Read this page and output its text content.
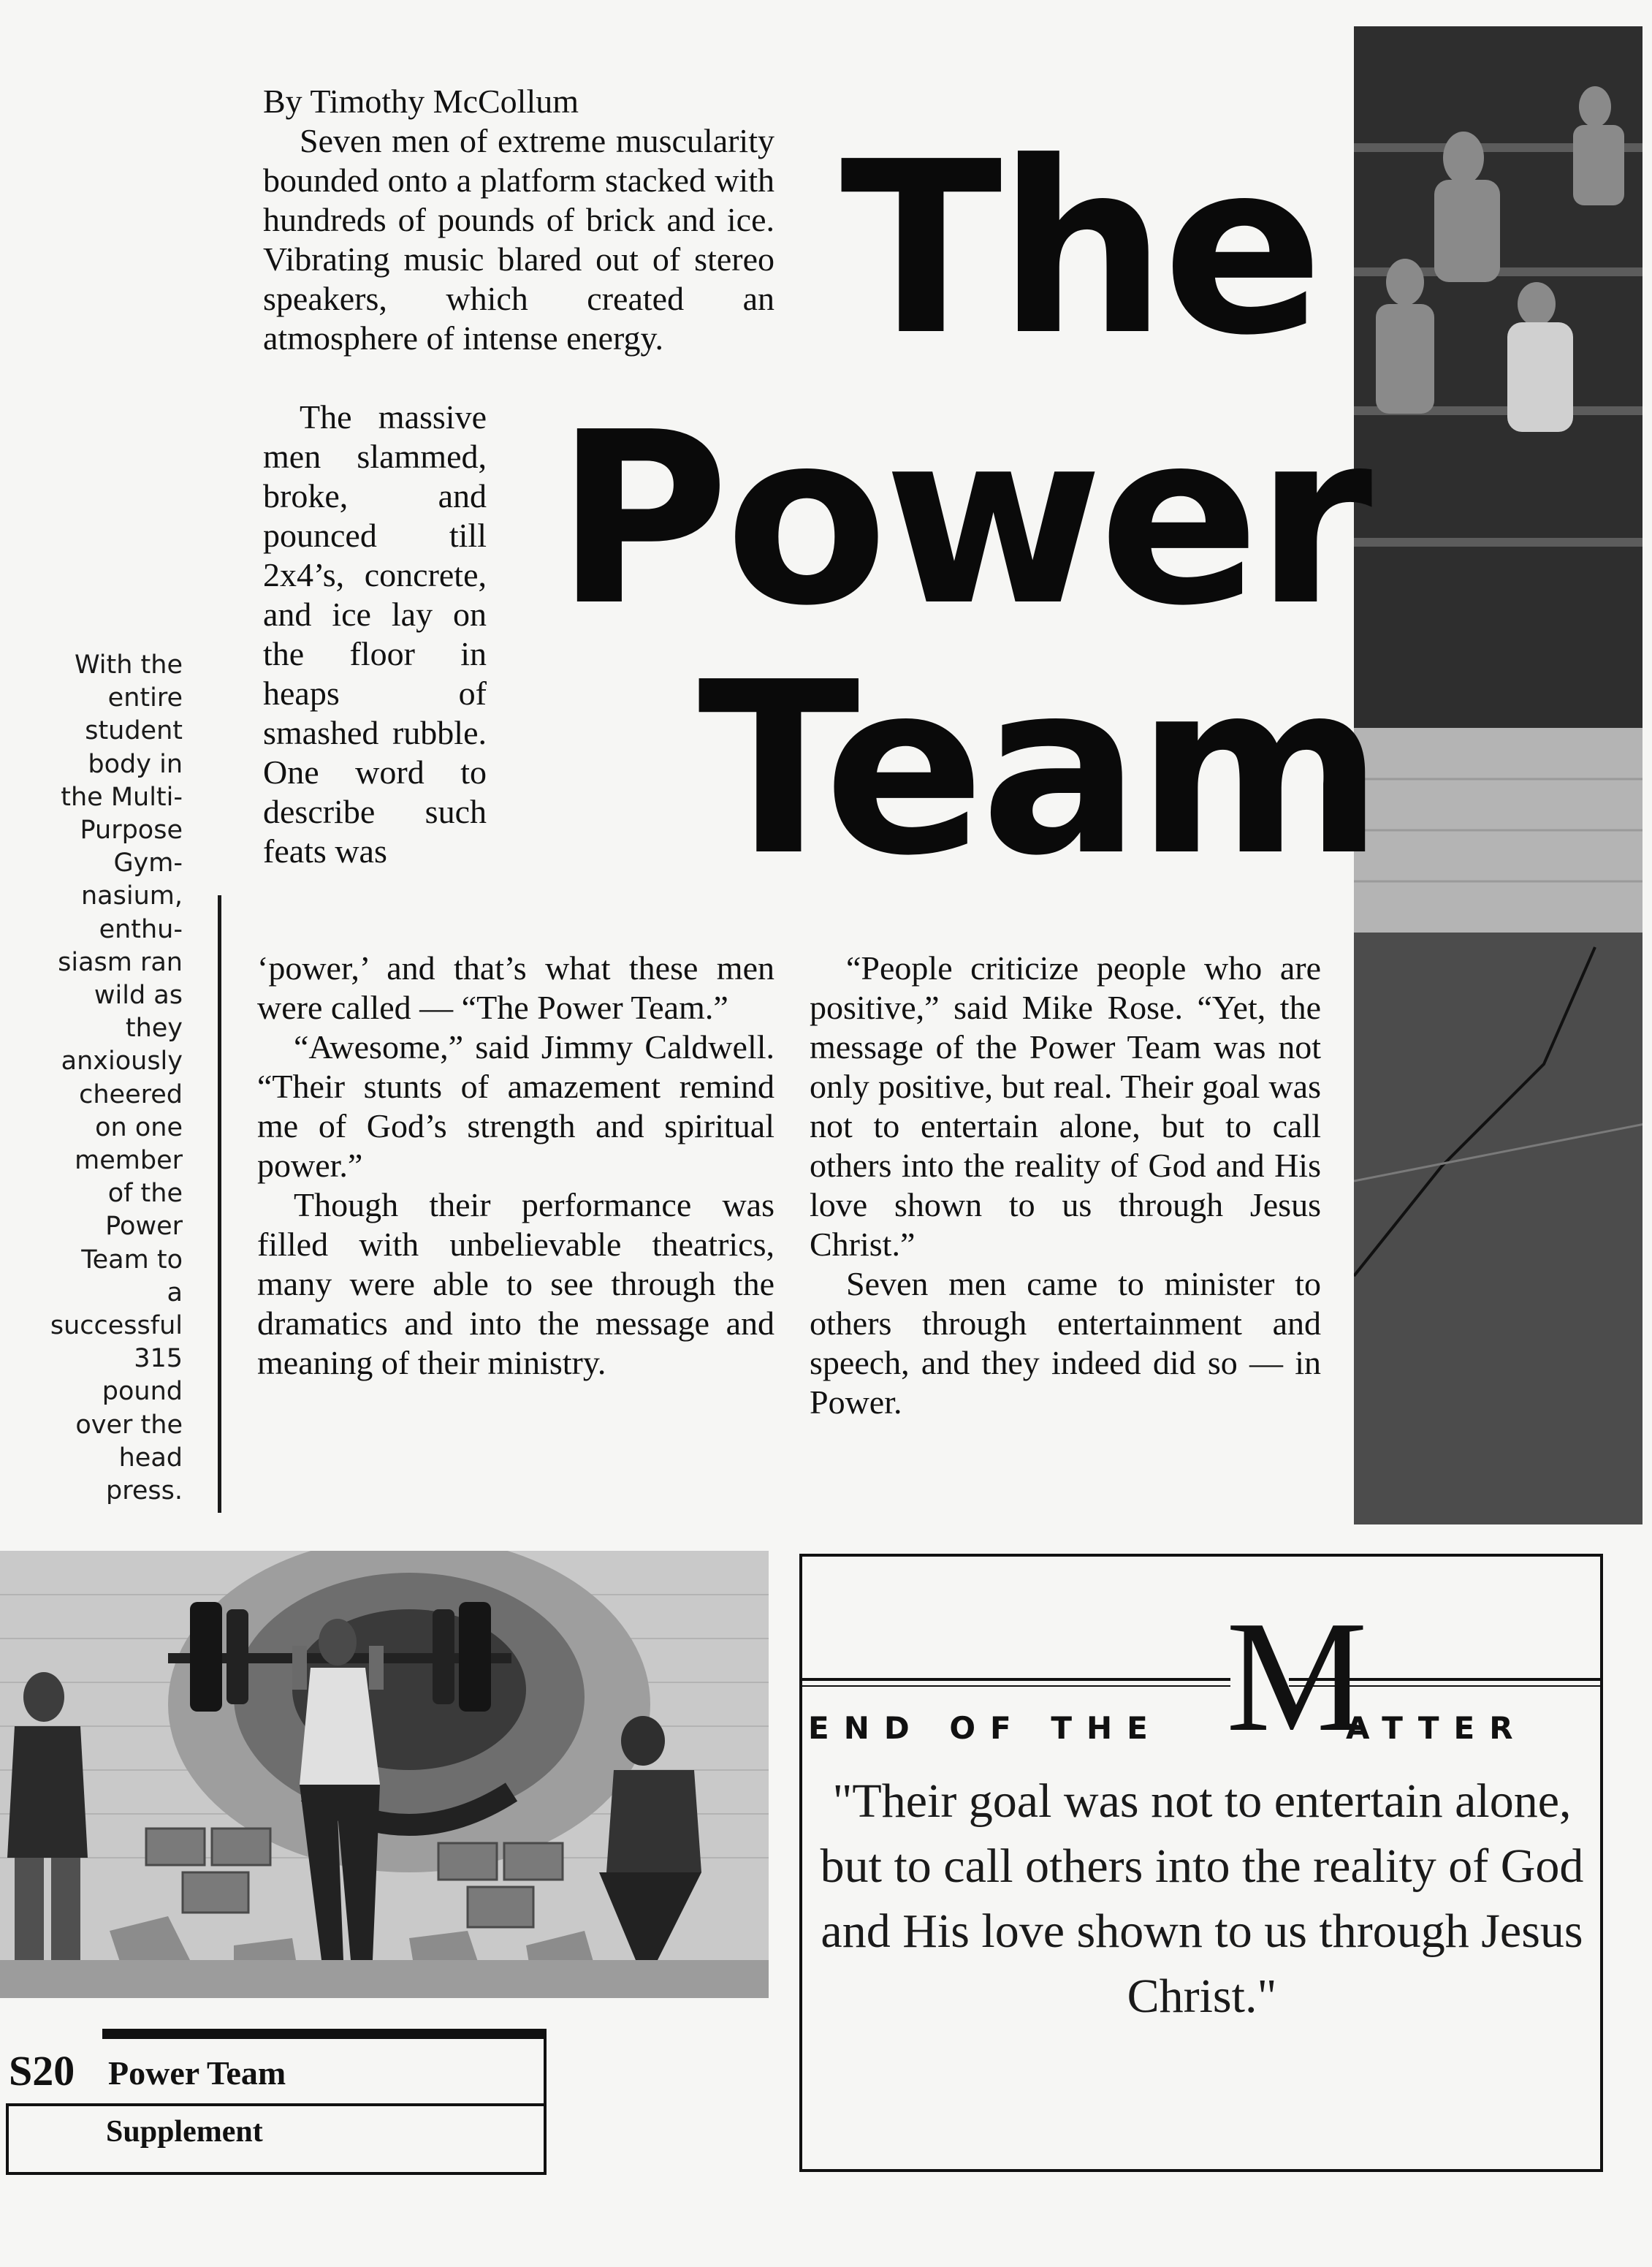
The
Power
Team

By Timothy McCollum

Seven men of extreme muscularity bounded onto a platform stacked with hundreds of pounds of brick and ice. Vibrating music blared out of stereo speakers, which created an atmosphere of intense energy.

The massive men slammed, broke, and pounced till 2x4’s, concrete, and ice lay on the floor in heaps of smashed rubble. One word to describe such feats was

‘power,’ and that’s what these men were called — “The Power Team.”

“Awesome,” said Jimmy Caldwell. “Their stunts of amazement remind me of God’s strength and spiritual power.”

Though their performance was filled with unbelievable theatrics, many were able to see through the dramatics and into the message and meaning of their ministry.

“People criticize people who are positive,” said Mike Rose. “Yet, the message of the Power Team was not only positive, but real. Their goal was not to entertain alone, but to call others into the reality of God and His love shown to us through Jesus Christ.”

Seven men came to minister to others through entertainment and speech, and they indeed did so — in Power.

With the
entire
student
body in
the Multi-
Purpose
Gym-
nasium,
enthu-
siasm ran
wild as
they
anxiously
cheered
on one
member
of the
Power
Team to
a
successful
315
pound
over the
head
press.
S20 Power Team
Supplement
END OF THE M
ATTER
"Their goal was not to entertain alone, but to call others into the reality of God and His love shown to us through Jesus Christ."
